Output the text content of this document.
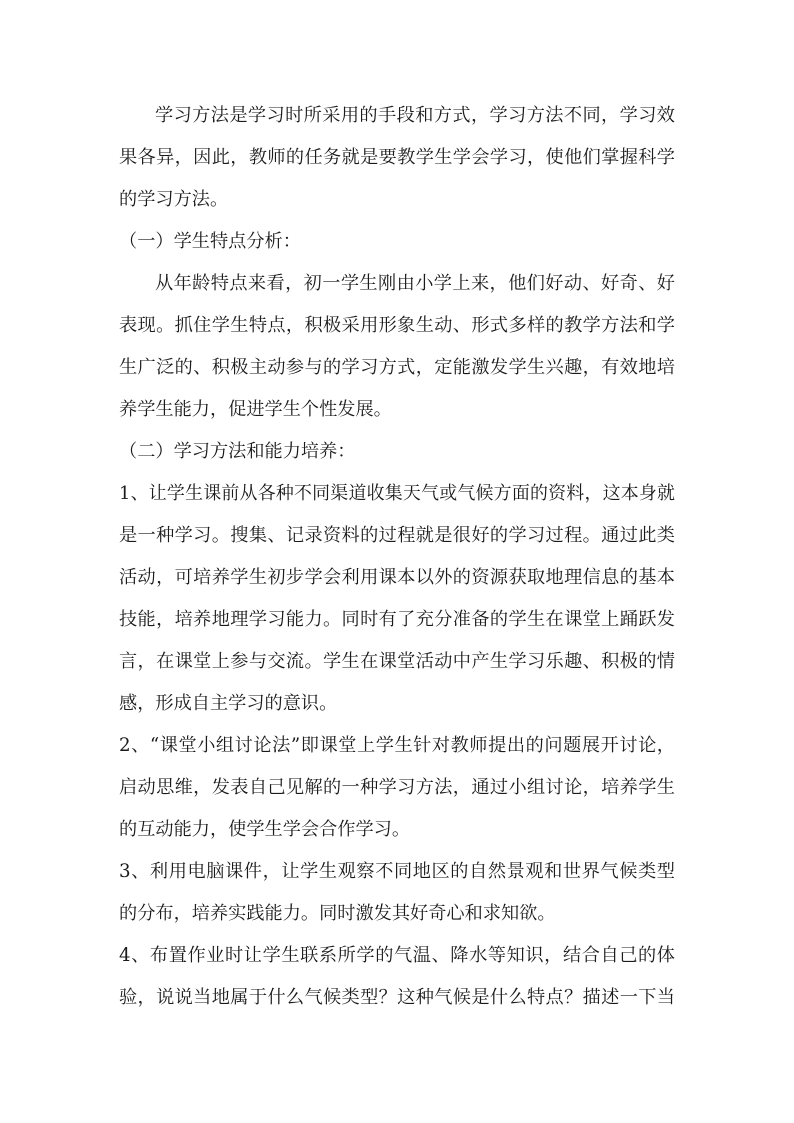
学习方法是学习时所采用的手段和方式，学习方法不同，学习效
果各异，因此，教师的任务就是要教学生学会学习，使他们掌握科学
的学习方法。
（一）学生特点分析：
从年龄特点来看，初一学生刚由小学上来，他们好动、好奇、好
表现。抓住学生特点，积极采用形象生动、形式多样的教学方法和学
生广泛的、积极主动参与的学习方式，定能激发学生兴趣，有效地培
养学生能力，促进学生个性发展。
（二）学习方法和能力培养：
1、让学生课前从各种不同渠道收集天气或气候方面的资料，这本身就
是一种学习。搜集、记录资料的过程就是很好的学习过程。通过此类
活动，可培养学生初步学会利用课本以外的资源获取地理信息的基本
技能，培养地理学习能力。同时有了充分准备的学生在课堂上踊跃发
言，在课堂上参与交流。学生在课堂活动中产生学习乐趣、积极的情
感，形成自主学习的意识。
2、“课堂小组讨论法”即课堂上学生针对教师提出的问题展开讨论，
启动思维，发表自己见解的一种学习方法，通过小组讨论，培养学生
的互动能力，使学生学会合作学习。
3、利用电脑课件，让学生观察不同地区的自然景观和世界气候类型
的分布，培养实践能力。同时激发其好奇心和求知欲。
4、布置作业时让学生联系所学的气温、降水等知识，结合自己的体
验，说说当地属于什么气候类型？这种气候是什么特点？描述一下当
